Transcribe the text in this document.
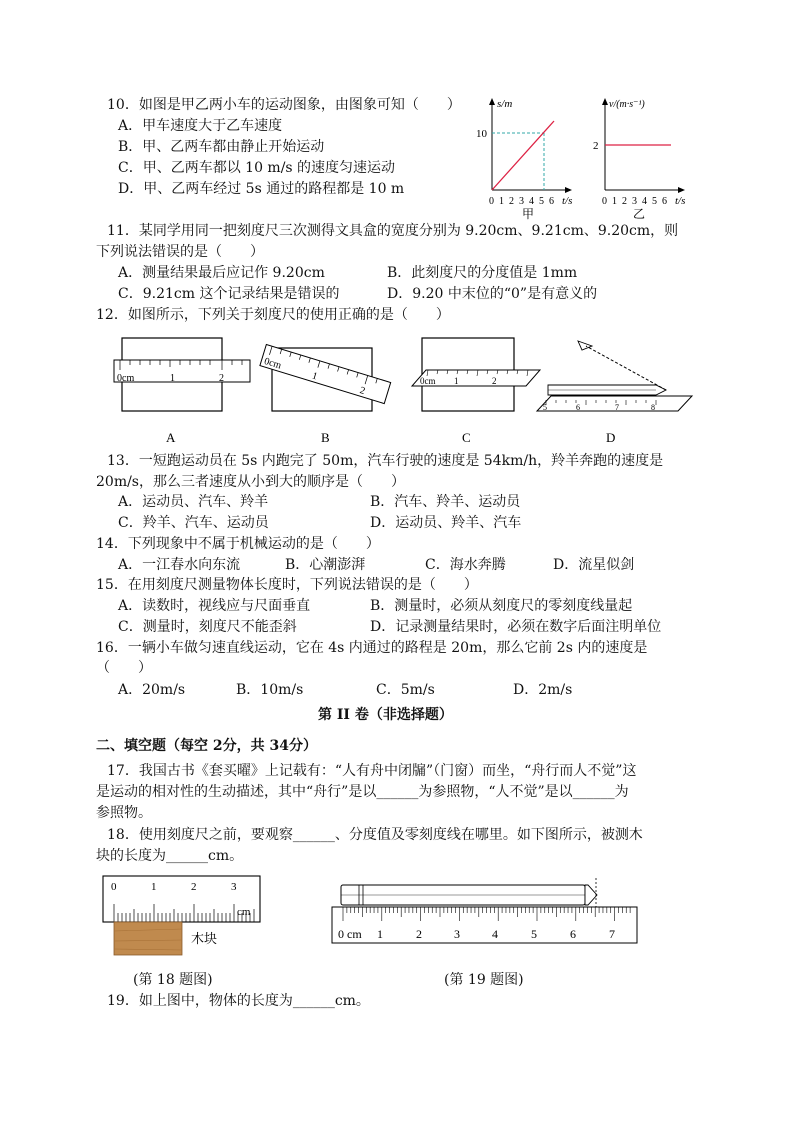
10．如图是甲乙两小车的运动图象，由图象可知（　　）
A．甲车速度大于乙车速度
B．甲、乙两车都由静止开始运动
C．甲、乙两车都以 10 m/s 的速度匀速运动
D．甲、乙两车经过 5s 通过的路程都是 10 m
s/m
10
0 1 2 3 4 5 6 t/s
甲
v/(m·s⁻¹)
2
0 1 2 3 4 5 6 t/s
乙
11．某同学用同一把刻度尺三次测得文具盒的宽度分别为 9.20cm、9.21cm、9.20cm，则
下列说法错误的是（　　）
A．测量结果最后应记作 9.20cm	B．此刻度尺的分度值是 1mm
C．9.21cm 这个记录结果是错误的	D．9.20 中末位的“0”是有意义的
12．如图所示，下列关于刻度尺的使用正确的是（　　）
0cm	1	2
A
0cm
1
2
B
0cm 1	2
C
5	6	7	8
D
13．一短跑运动员在 5s 内跑完了 50m，汽车行驶的速度是 54km/h，羚羊奔跑的速度是
20m/s，那么三者速度从小到大的顺序是（　　）
A．运动员、汽车、羚羊	B．汽车、羚羊、运动员
C．羚羊、汽车、运动员	D．运动员、羚羊、汽车
14．下列现象中不属于机械运动的是（　　）
A．一江春水向东流	B．心潮澎湃	C．海水奔腾	D．流星似剑
15．在用刻度尺测量物体长度时，下列说法错误的是（　　）
A．读数时，视线应与尺面垂直	B．测量时，必须从刻度尺的零刻度线量起
C．测量时，刻度尺不能歪斜	D．记录测量结果时，必须在数字后面注明单位
16．一辆小车做匀速直线运动，它在 4s 内通过的路程是 20m，那么它前 2s 内的速度是
（　　）
A．20m/s	B．10m/s	C．5m/s	D．2m/s
第 II 卷（非选择题）
二、填空题（每空 2分，共 34分）
17．我国古书《套买曜》上记载有：“人有舟中闭牖”（门窗）而坐，“舟行而人不觉”这
是运动的相对性的生动描述，其中“舟行”是以______为参照物，“人不觉”是以______为
参照物。
18．使用刻度尺之前，要观察______、分度值及零刻度线在哪里。如下图所示，被测木
块的长度为______cm。
0	1	2	3
cm
木块	0 cm 1	2	3	4	5	6	7
(第 18 题图)	(第 19 题图)
19．如上图中，物体的长度为______cm。
